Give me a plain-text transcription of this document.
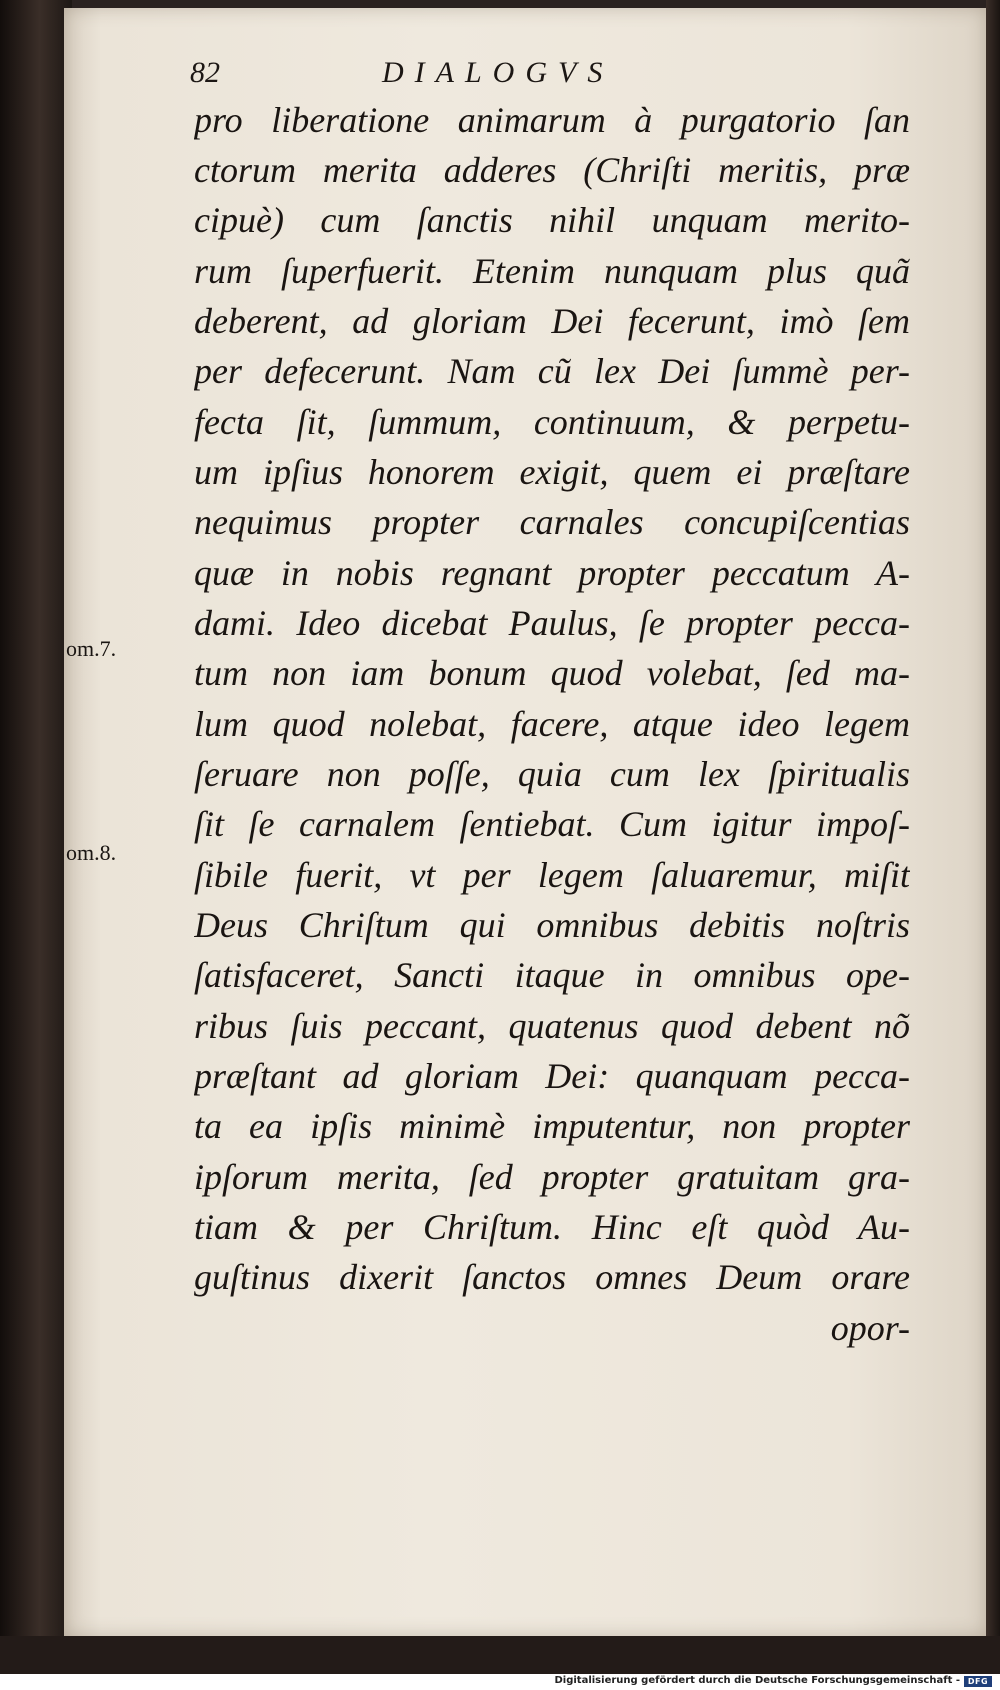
82	DIALOGVS
pro liberatione animarum à purgatorio ſan
ctorum merita adderes (Chriſti meritis, præ
cipuè) cum ſanctis nihil unquam merito-
rum ſuperfuerit. Etenim nunquam plus quã
deberent, ad gloriam Dei fecerunt, imò ſem
per defecerunt. Nam cũ lex Dei ſummè per-
fecta ſit, ſummum, continuum, & perpetu-
um ipſius honorem exigit, quem ei præſtare
nequimus propter carnales concupiſcentias
quæ in nobis regnant propter peccatum A-
dami. Ideo dicebat Paulus, ſe propter pecca-
tum non iam bonum quod volebat, ſed ma-
lum quod nolebat, facere, atque ideo legem
ſeruare non poſſe, quia cum lex ſpiritualis
ſit ſe carnalem ſentiebat. Cum igitur impoſ-
ſibile fuerit, vt per legem ſaluaremur, miſit
Deus Chriſtum qui omnibus debitis noſtris
ſatisfaceret, Sancti itaque in omnibus ope-
ribus ſuis peccant, quatenus quod debent nõ
præſtant ad gloriam Dei: quanquam pecca-
ta ea ipſis minimè imputentur, non propter
ipſorum merita, ſed propter gratuitam gra-
tiam & per Chriſtum. Hinc eſt quòd Au-
guſtinus dixerit ſanctos omnes Deum orare
opor-
om.7.
om.8.
Digitalisierung gefördert durch die Deutsche Forschungsgemeinschaft - DFG
